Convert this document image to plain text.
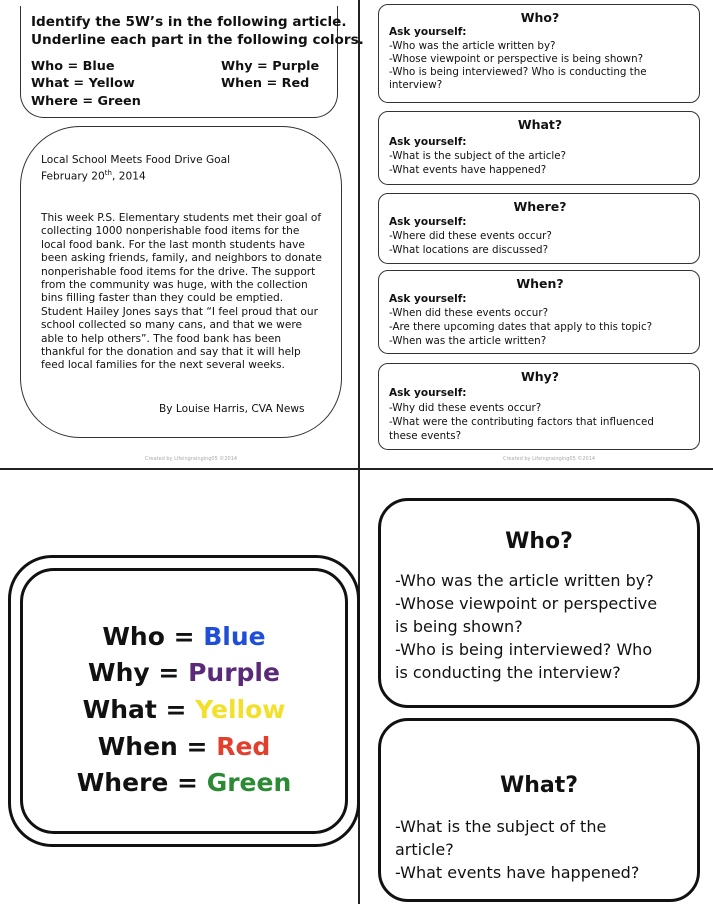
Identify the 5W’s in the following article.
Underline each part in the following colors.
Who = Blue
What = Yellow
Where = Green
Why = Purple
When = Red
Local School Meets Food Drive Goal
February 20th, 2014
This week P.S. Elementary students met their goal of
collecting 1000 nonperishable food items for the
local food bank. For the last month students have
been asking friends, family, and neighbors to donate
nonperishable food items for the drive. The support
from the community was huge, with the collection
bins filling faster than they could be emptied.
Student Hailey Jones says that “I feel proud that our
school collected so many cans, and that we were
able to help others”. The food bank has been
thankful for the donation and say that it will help
feed local families for the next several weeks.
By Louise Harris, CVA News
Created by Lifeingrainging05 ©2014
Who?
Ask yourself:
-Who was the article written by?
-Whose viewpoint or perspective is being shown?
-Who is being interviewed? Who is conducting the
interview?
What?
Ask yourself:
-What is the subject of the article?
-What events have happened?
Where?
Ask yourself:
-Where did these events occur?
-What locations are discussed?
When?
Ask yourself:
-When did these events occur?
-Are there upcoming dates that apply to this topic?
-When was the article written?
Why?
Ask yourself:
-Why did these events occur?
-What were the contributing factors that influenced
these events?
Created by Lifeingrainging05 ©2014
Who = Blue
Why = Purple
What = Yellow
When = Red
Where = Green
Who?
-Who was the article written by?
-Whose viewpoint or perspective
is being shown?
-Who is being interviewed? Who
is conducting the interview?
What?
-What is the subject of the
article?
-What events have happened?
